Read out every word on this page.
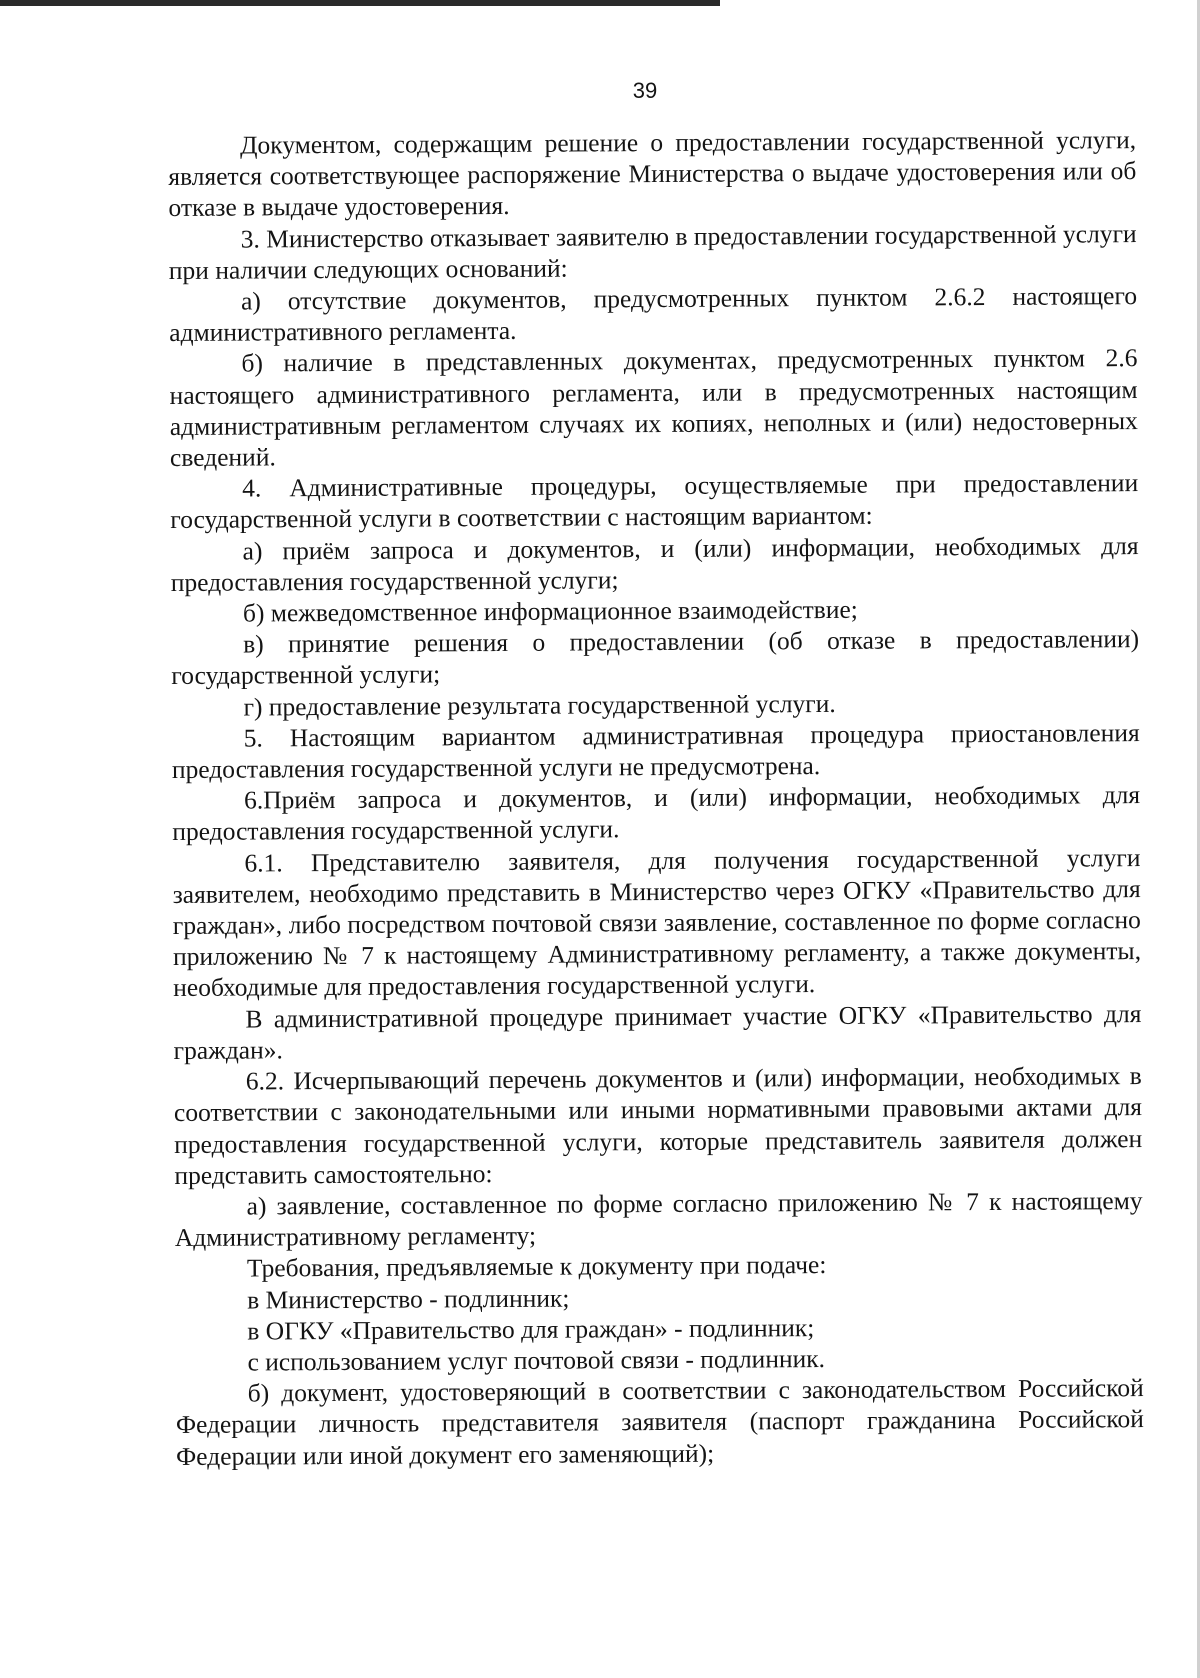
39

Документом, содержащим решение о предоставлении государственной услуги, является соответствующее распоряжение Министерства о выдаче удостоверения или об отказе в выдаче удостоверения.

3. Министерство отказывает заявителю в предоставлении государственной услуги при наличии следующих оснований:

а) отсутствие документов, предусмотренных пунктом 2.6.2 настоящего административного регламента.

б) наличие в представленных документах, предусмотренных пунктом 2.6 настоящего административного регламента, или в предусмотренных настоящим административным регламентом случаях их копиях, неполных и (или) недостоверных сведений.

4. Административные процедуры, осуществляемые при предоставлении государственной услуги в соответствии с настоящим вариантом:

а) приём запроса и документов, и (или) информации, необходимых для предоставления государственной услуги;

б) межведомственное информационное взаимодействие;

в) принятие решения о предоставлении (об отказе в предоставлении) государственной услуги;

г) предоставление результата государственной услуги.

5. Настоящим вариантом административная процедура приостановления предоставления государственной услуги не предусмотрена.

6.Приём запроса и документов, и (или) информации, необходимых для предоставления государственной услуги.

6.1. Представителю заявителя, для получения государственной услуги заявителем, необходимо представить в Министерство через ОГКУ «Правительство для граждан», либо посредством почтовой связи заявление, составленное по форме согласно приложению № 7 к настоящему Административному регламенту, а также документы, необходимые для предоставления государственной услуги.

В административной процедуре принимает участие ОГКУ «Правительство для граждан».

6.2. Исчерпывающий перечень документов и (или) информации, необходимых в соответствии с законодательными или иными нормативными правовыми актами для предоставления государственной услуги, которые представитель заявителя должен представить самостоятельно:

а) заявление, составленное по форме согласно приложению № 7 к настоящему Административному регламенту;

Требования, предъявляемые к документу при подаче:

в Министерство - подлинник;

в ОГКУ «Правительство для граждан» - подлинник;

с использованием услуг почтовой связи - подлинник.

б) документ, удостоверяющий в соответствии с законодательством Российской Федерации личность представителя заявителя (паспорт гражданина Российской Федерации или иной документ его заменяющий);
